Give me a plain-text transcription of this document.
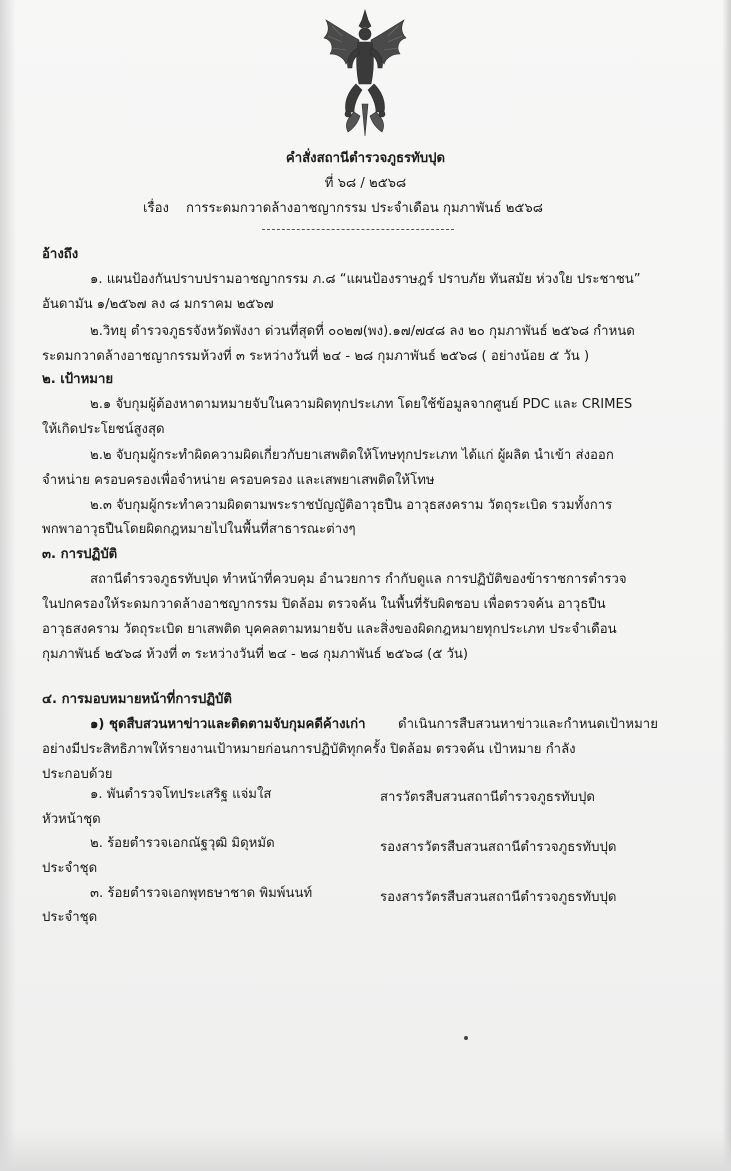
คำสั่งสถานีตำรวจภูธรทับปุด
ที่ ๖๘ / ๒๕๖๘
เรื่อง การระดมกวาดล้างอาชญากรรม ประจำเดือน กุมภาพันธ์ ๒๕๖๘
อ้างถึง
๑. แผนป้องกันปราบปรามอาชญากรรม ภ.๘ “แผนป้องราษฎร์ ปราบภัย ทันสมัย ห่วงใย ประชาชน”
อันดามัน ๑/๒๕๖๗ ลง ๘ มกราคม ๒๕๖๗
๒.วิทยุ ตำรวจภูธรจังหวัดพังงา ด่วนที่สุดที่ ๐๐๒๗(พง).๑๗/๗๔๘ ลง ๒๐ กุมภาพันธ์ ๒๕๖๘ กำหนด
ระดมกวาดล้างอาชญากรรมห้วงที่ ๓ ระหว่างวันที่ ๒๔ - ๒๘ กุมภาพันธ์ ๒๕๖๘ ( อย่างน้อย ๕ วัน )
๒. เป้าหมาย
๒.๑ จับกุมผู้ต้องหาตามหมายจับในความผิดทุกประเภท โดยใช้ข้อมูลจากศูนย์ PDC และ CRIMES
ให้เกิดประโยชน์สูงสุด
๒.๒ จับกุมผู้กระทำผิดความผิดเกี่ยวกับยาเสพติดให้โทษทุกประเภท ได้แก่ ผู้ผลิต นำเข้า ส่งออก
จำหน่าย ครอบครองเพื่อจำหน่าย ครอบครอง และเสพยาเสพติดให้โทษ
๒.๓ จับกุมผู้กระทำความผิดตามพระราชบัญญัติอาวุธปืน อาวุธสงคราม วัตถุระเบิด รวมทั้งการ
พกพาอาวุธปืนโดยผิดกฎหมายไปในพื้นที่สาธารณะต่างๆ
๓. การปฏิบัติ
สถานีตำรวจภูธรทับปุด ทำหน้าที่ควบคุม อำนวยการ กำกับดูแล การปฏิบัติของข้าราชการตำรวจ
ในปกครองให้ระดมกวาดล้างอาชญากรรม ปิดล้อม ตรวจค้น ในพื้นที่รับผิดชอบ เพื่อตรวจค้น อาวุธปืน
อาวุธสงคราม วัตถุระเบิด ยาเสพติด บุคคลตามหมายจับ และสิ่งของผิดกฎหมายทุกประเภท ประจำเดือน
กุมภาพันธ์ ๒๕๖๘ ห้วงที่ ๓ ระหว่างวันที่ ๒๔ - ๒๘ กุมภาพันธ์ ๒๕๖๘ (๕ วัน)
๔. การมอบหมายหน้าที่การปฏิบัติ
๑) ชุดสืบสวนหาข่าวและติดตามจับกุมคดีค้างเก่า ดำเนินการสืบสวนหาข่าวและกำหนดเป้าหมาย
อย่างมีประสิทธิภาพให้รายงานเป้าหมายก่อนการปฏิบัติทุกครั้ง ปิดล้อม ตรวจค้น เป้าหมาย กำลัง
ประกอบด้วย
๑. พันตำรวจโทประเสริฐ แจ่มใส	สารวัตรสืบสวนสถานีตำรวจภูธรทับปุด
หัวหน้าชุด
๒. ร้อยตำรวจเอกณัฐวุฒิ มิดุหมัด	รองสารวัตรสืบสวนสถานีตำรวจภูธรทับปุด
ประจำชุด
๓. ร้อยตำรวจเอกพุทธษาชาด พิมพ์นนท์	รองสารวัตรสืบสวนสถานีตำรวจภูธรทับปุด
ประจำชุด
